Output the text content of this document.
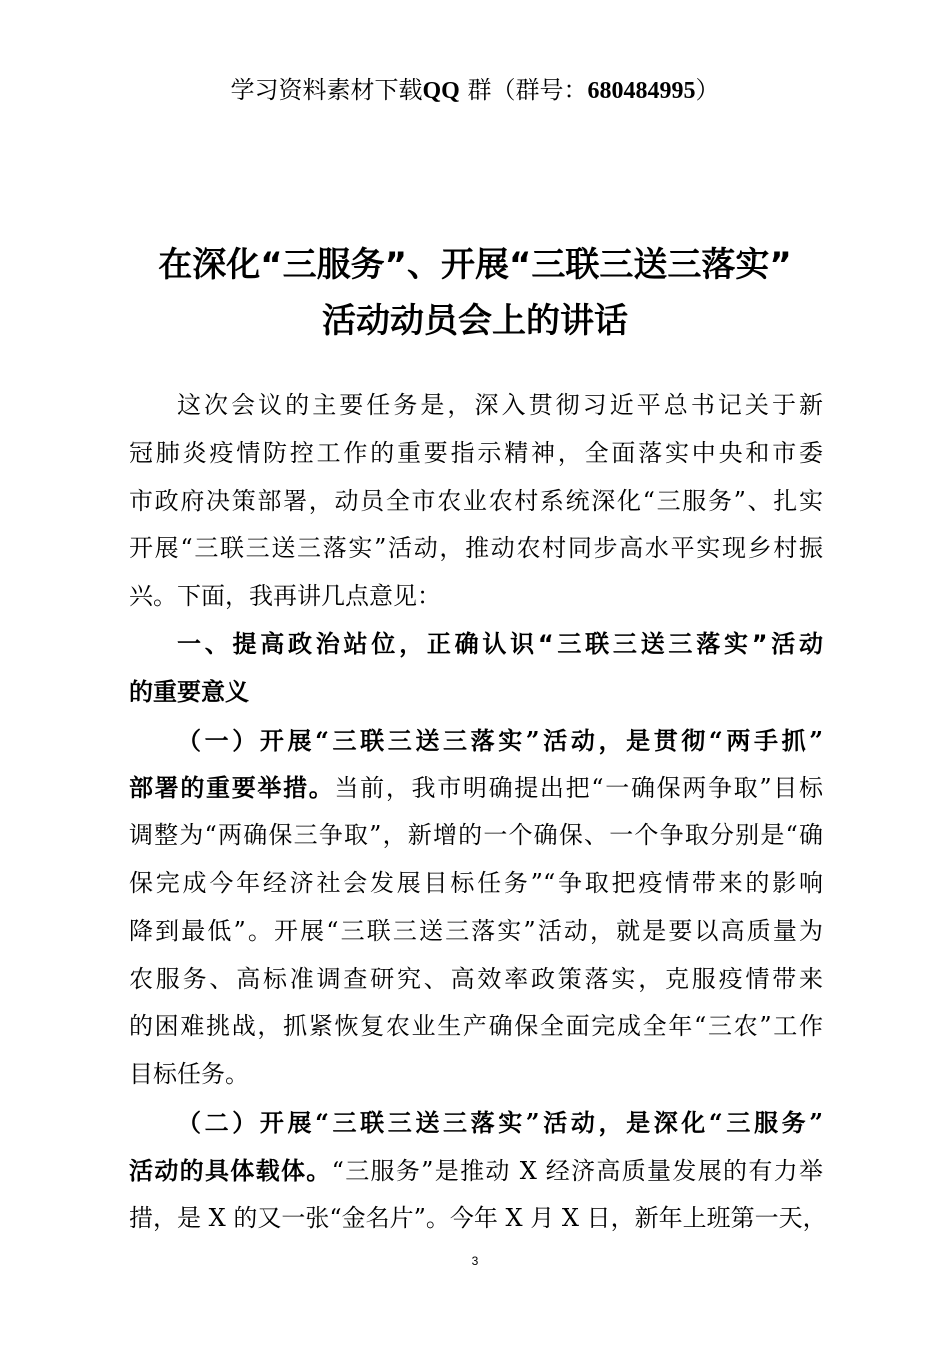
学习资料素材下载QQ 群（群号：680484995）
在深化“三服务”、开展“三联三送三落实”
活动动员会上的讲话
这次会议的主要任务是，深入贯彻习近平总书记关于新
冠肺炎疫情防控工作的重要指示精神，全面落实中央和市委
市政府决策部署，动员全市农业农村系统深化“三服务”、扎实
开展“三联三送三落实”活动，推动农村同步高水平实现乡村振
兴。下面，我再讲几点意见：
一、提高政治站位，正确认识“三联三送三落实”活动
的重要意义
（一）开展“三联三送三落实”活动，是贯彻“两手抓”
部署的重要举措。当前，我市明确提出把“一确保两争取”目标
调整为“两确保三争取”，新增的一个确保、一个争取分别是“确
保完成今年经济社会发展目标任务”“争取把疫情带来的影响
降到最低”。开展“三联三送三落实”活动，就是要以高质量为
农服务、高标准调查研究、高效率政策落实，克服疫情带来
的困难挑战，抓紧恢复农业生产确保全面完成全年“三农”工作
目标任务。
（二）开展“三联三送三落实”活动，是深化“三服务”
活动的具体载体。“三服务”是推动 X 经济高质量发展的有力举
措，是 X 的又一张“金名片”。今年 X 月 X 日，新年上班第一天，
3
